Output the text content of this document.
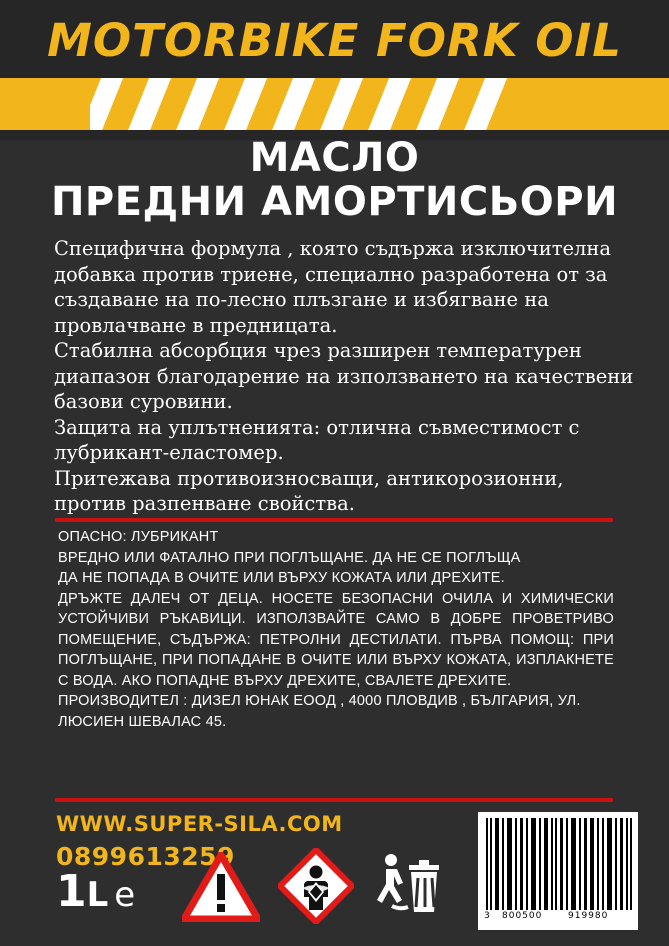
MOTORBIKE FORK OIL
МАСЛО
ПРЕДНИ АМОРТИСЬОРИ

Специфична формула , която съдържа изключителна добавка против триене, специално разработена от за създаване на по-лесно плъзгане и избягване на провлачване в предницата.

Стабилна абсорбция чрез разширен температурен диапазон благодарение на използването на качествени базови суровини.

Защита на уплътненията: отлична съвместимост с лубрикант-еластомер.

Притежава противоизносващи, антикорозионни, против разпенване свойства.

ОПАСНО: ЛУБРИКАНТ

ВРЕДНО ИЛИ ФАТАЛНО ПРИ ПОГЛЪЩАНЕ. ДА НЕ СЕ ПОГЛЪЩА

ДА НЕ ПОПАДА В ОЧИТЕ ИЛИ ВЪРХУ КОЖАТА ИЛИ ДРЕХИТЕ.

ДРЪЖТЕ ДАЛЕЧ ОТ ДЕЦА. НОСЕТЕ БЕЗОПАСНИ ОЧИЛА И ХИМИЧЕСКИ УСТОЙЧИВИ РЪКАВИЦИ. ИЗПОЛЗВАЙТЕ САМО В ДОБРЕ ПРОВЕТРИВО ПОМЕЩЕНИЕ, СЪДЪРЖА: ПЕТРОЛНИ ДЕСТИЛАТИ. ПЪРВА ПОМОЩ: ПРИ ПОГЛЪЩАНЕ, ПРИ ПОПАДАНЕ В ОЧИТЕ ИЛИ ВЪРХУ КОЖАТА, ИЗПЛАКНЕТЕ С ВОДА. АКО ПОПАДНЕ ВЪРХУ ДРЕХИТЕ, СВАЛЕТЕ ДРЕХИТЕ.

ПРОИЗВОДИТЕЛ : ДИЗЕЛ ЮНАК ЕООД , 4000 ПЛОВДИВ , БЪЛГАРИЯ, УЛ. ЛЮСИЕН ШЕВАЛАС 45.

WWW.SUPER-SILA.COM
0899613259
1L e
3 800500	919980
